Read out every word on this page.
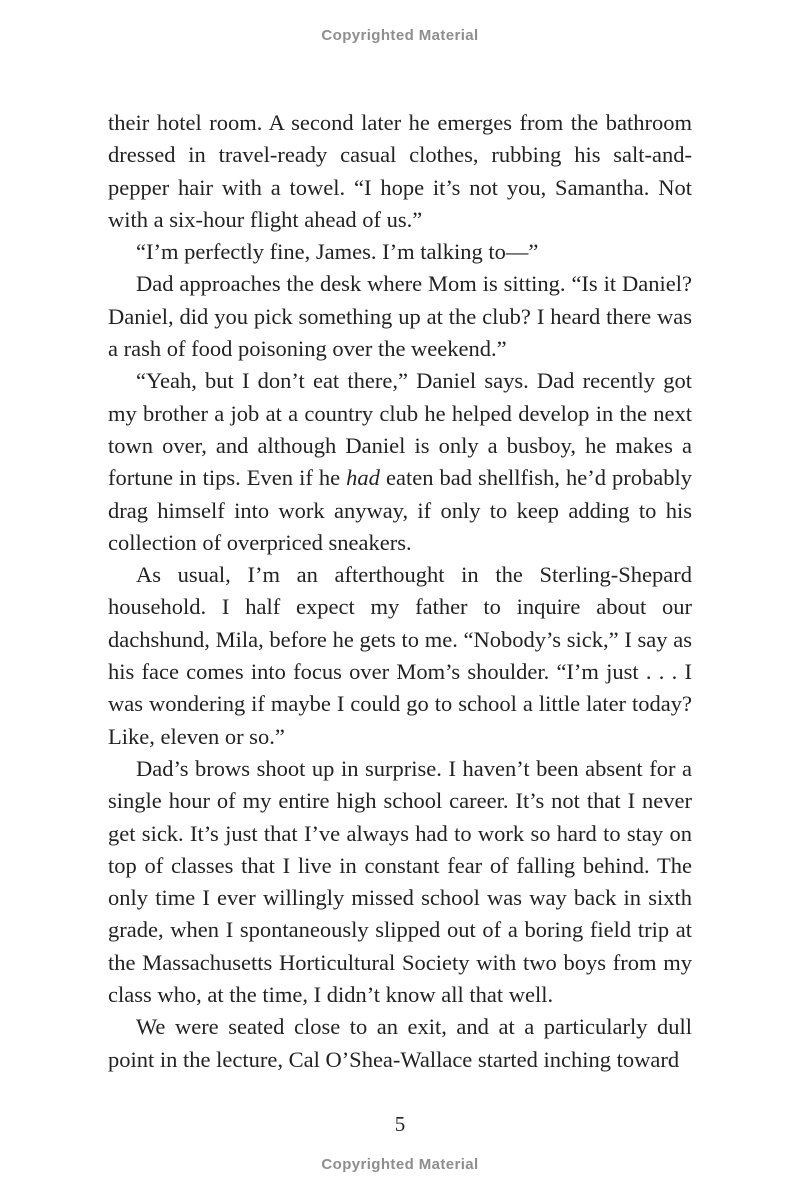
Copyrighted Material

their hotel room. A second later he emerges from the bathroom dressed in travel-ready casual clothes, rubbing his salt-and-pepper hair with a towel. “I hope it’s not you, Samantha. Not with a six-hour flight ahead of us.”

“I’m perfectly fine, James. I’m talking to—”

Dad approaches the desk where Mom is sitting. “Is it Daniel? Daniel, did you pick something up at the club? I heard there was a rash of food poisoning over the weekend.”

“Yeah, but I don’t eat there,” Daniel says. Dad recently got my brother a job at a country club he helped develop in the next town over, and although Daniel is only a busboy, he makes a fortune in tips. Even if he had eaten bad shellfish, he’d probably drag himself into work anyway, if only to keep adding to his collection of overpriced sneakers.

As usual, I’m an afterthought in the Sterling-Shepard household. I half expect my father to inquire about our dachshund, Mila, before he gets to me. “Nobody’s sick,” I say as his face comes into focus over Mom’s shoulder. “I’m just . . . I was wondering if maybe I could go to school a little later today? Like, eleven or so.”

Dad’s brows shoot up in surprise. I haven’t been absent for a single hour of my entire high school career. It’s not that I never get sick. It’s just that I’ve always had to work so hard to stay on top of classes that I live in constant fear of falling behind. The only time I ever willingly missed school was way back in sixth grade, when I spontaneously slipped out of a boring field trip at the Massachusetts Horticultural Society with two boys from my class who, at the time, I didn’t know all that well.

We were seated close to an exit, and at a particularly dull point in the lecture, Cal O’Shea-Wallace started inching toward

5
Copyrighted Material
